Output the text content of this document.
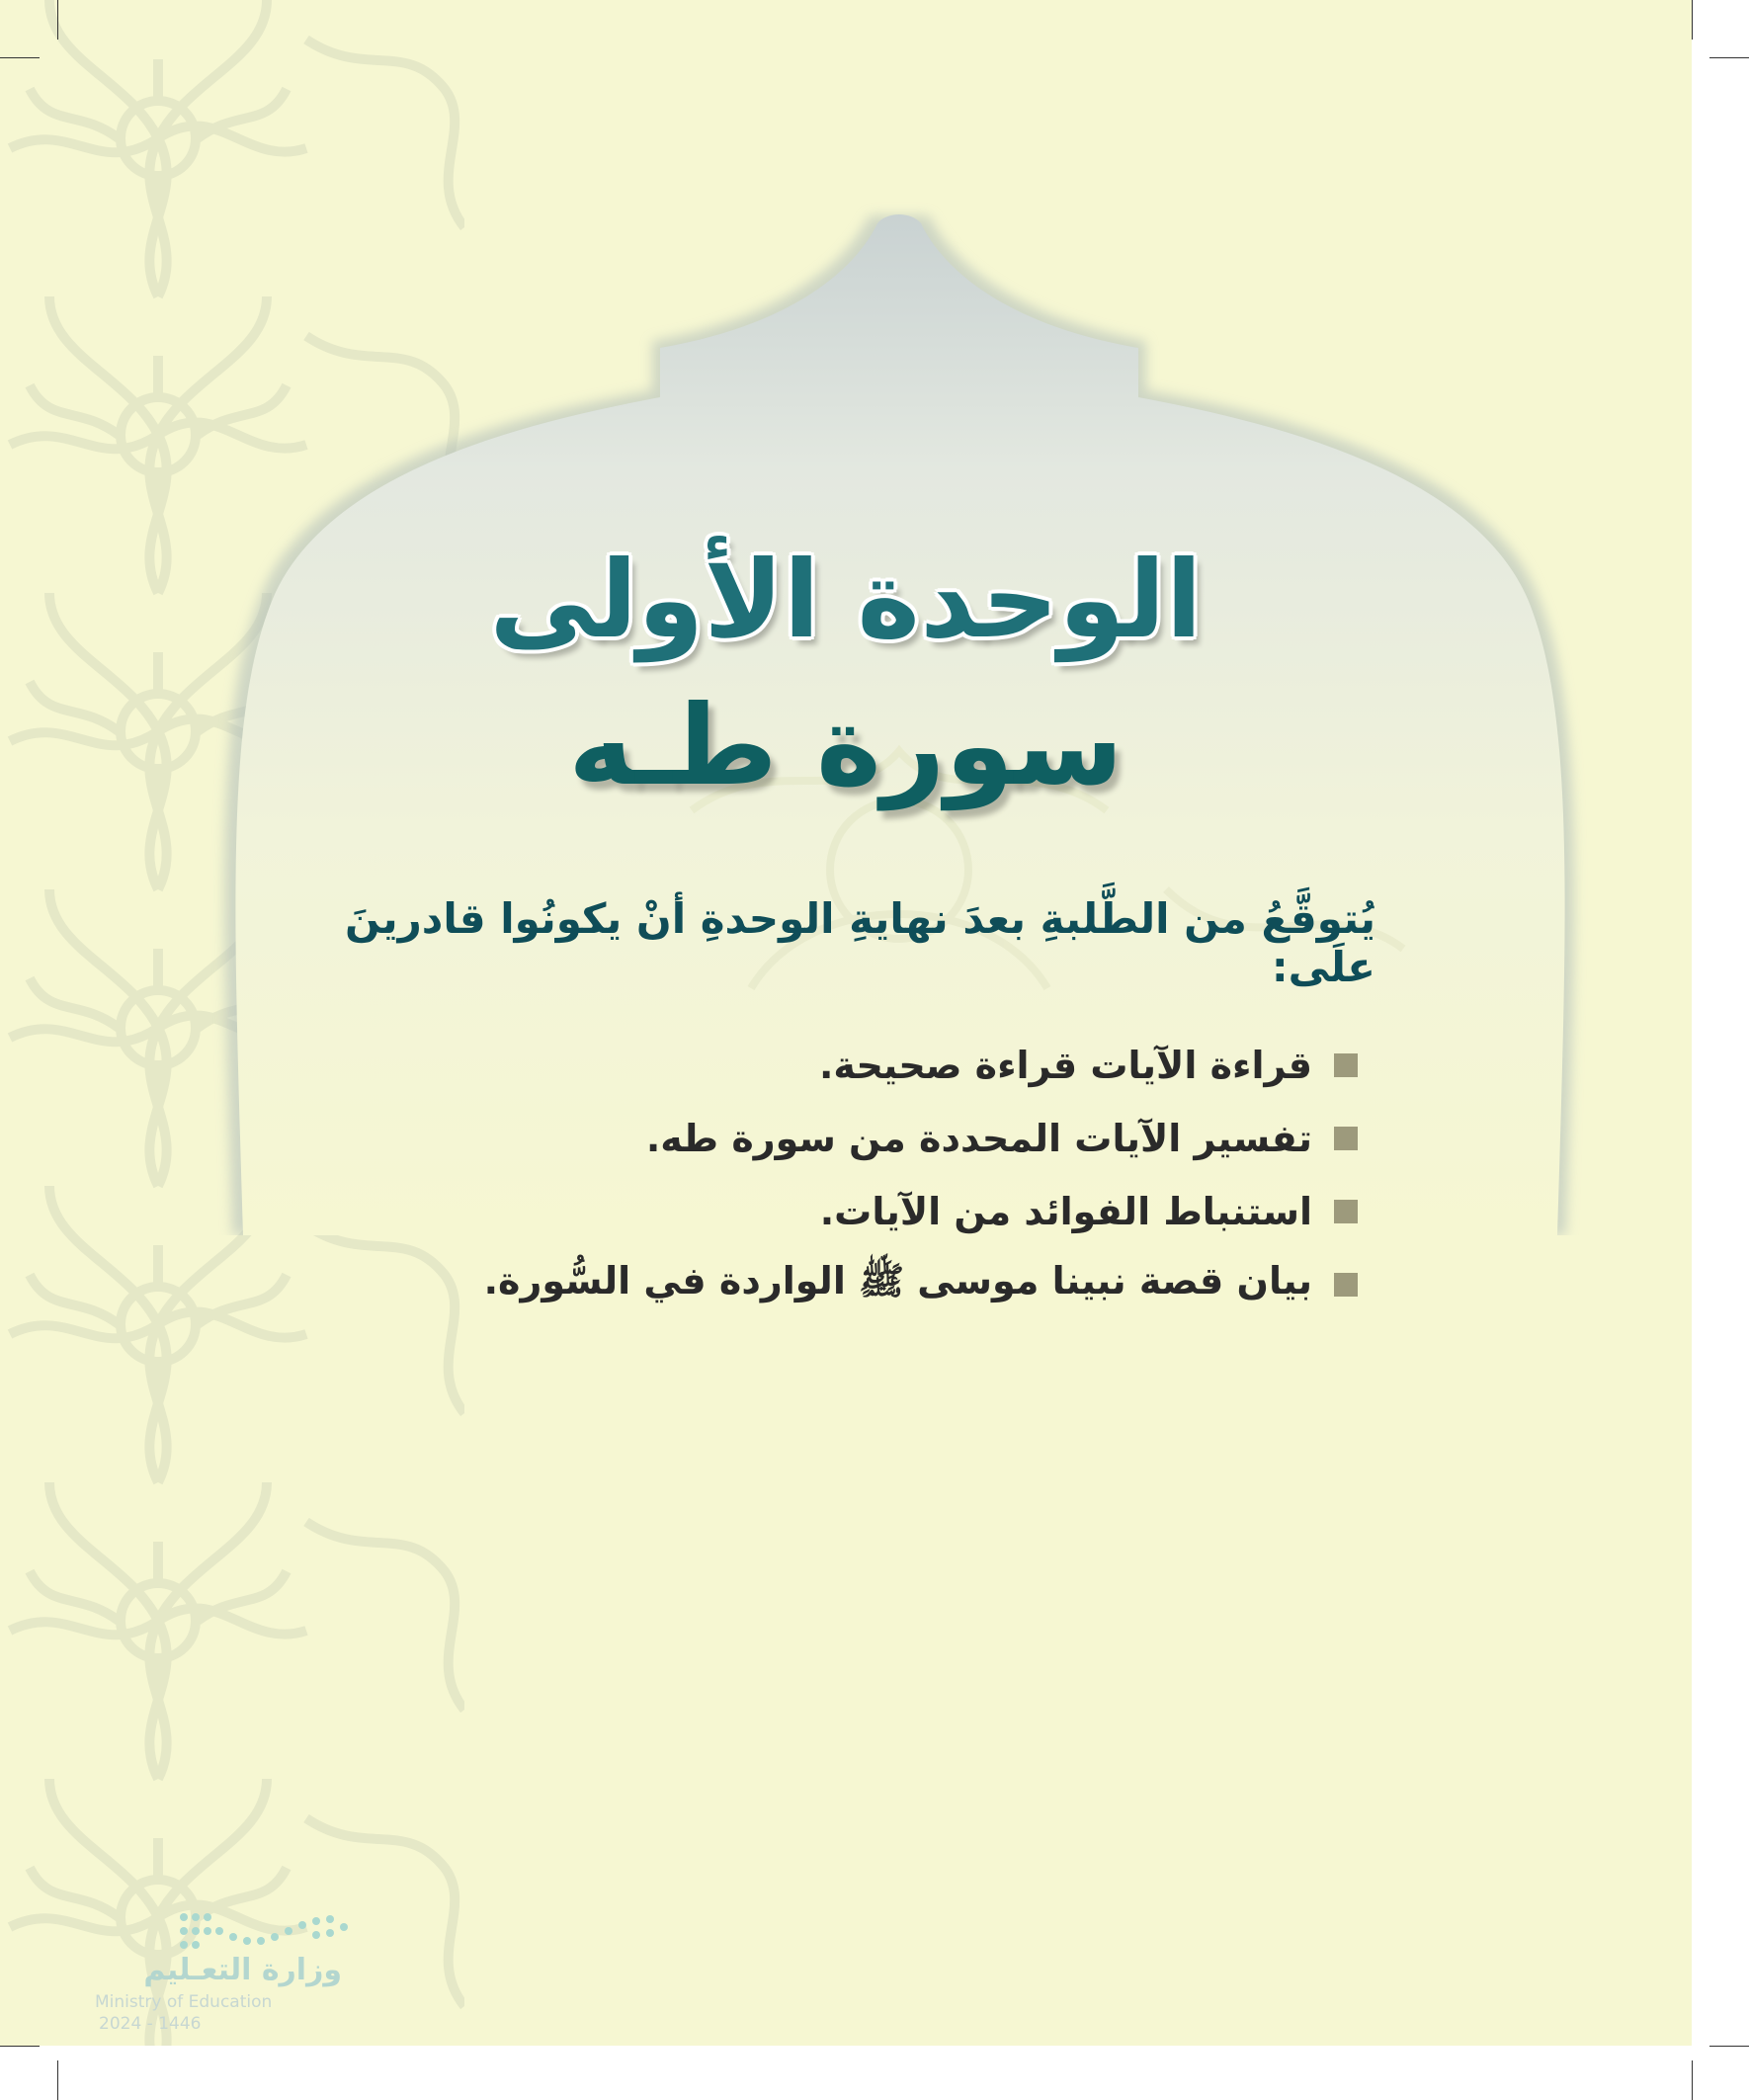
الوحدة الأولى
سورة طـه

يُتوقَّعُ من الطَّلبةِ بعدَ نهايةِ الوحدةِ أنْ يكونُوا قادرينَ علَى:

قراءة الآيات قراءة صحيحة.
تفسير الآيات المحددة من سورة طه.
استنباط الفوائد من الآيات.
بيان قصة نبينا موسى ﷺ الواردة في السُّورة.
وزارة التعـليم
Ministry of Education
2024 - 1446
